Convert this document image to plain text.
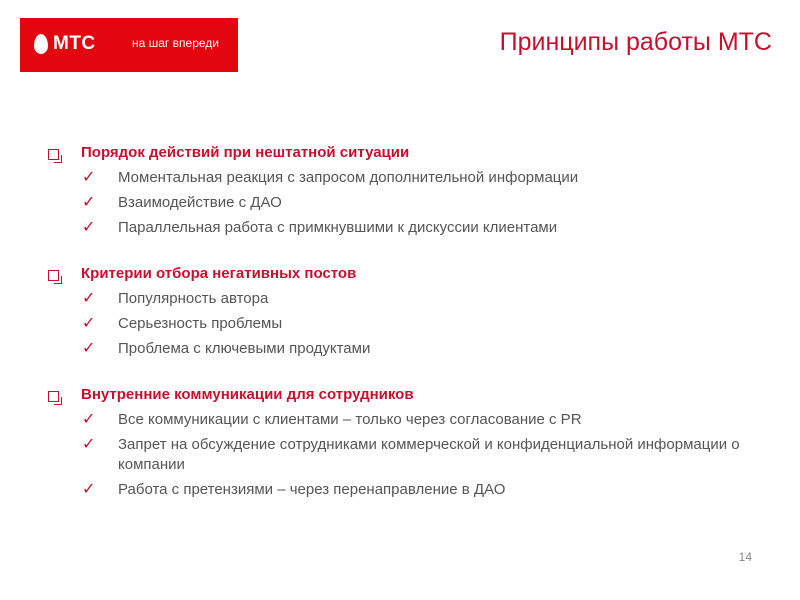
МТС	на шаг впереди	Принципы работы МТС
Порядок действий при нештатной ситуации
✓	Моментальная реакция с запросом дополнительной информации
✓	Взаимодействие с ДАО
✓	Параллельная работа с примкнувшими к дискуссии клиентами
Критерии отбора негативных постов
✓	Популярность автора
✓	Серьезность проблемы
✓	Проблема с ключевыми продуктами
Внутренние коммуникации для сотрудников
✓	Все коммуникации с клиентами – только через согласование с PR
✓	Запрет на обсуждение сотрудниками коммерческой и конфиденциальной информации о компании
✓	Работа с претензиями – через перенаправление в ДАО
14
